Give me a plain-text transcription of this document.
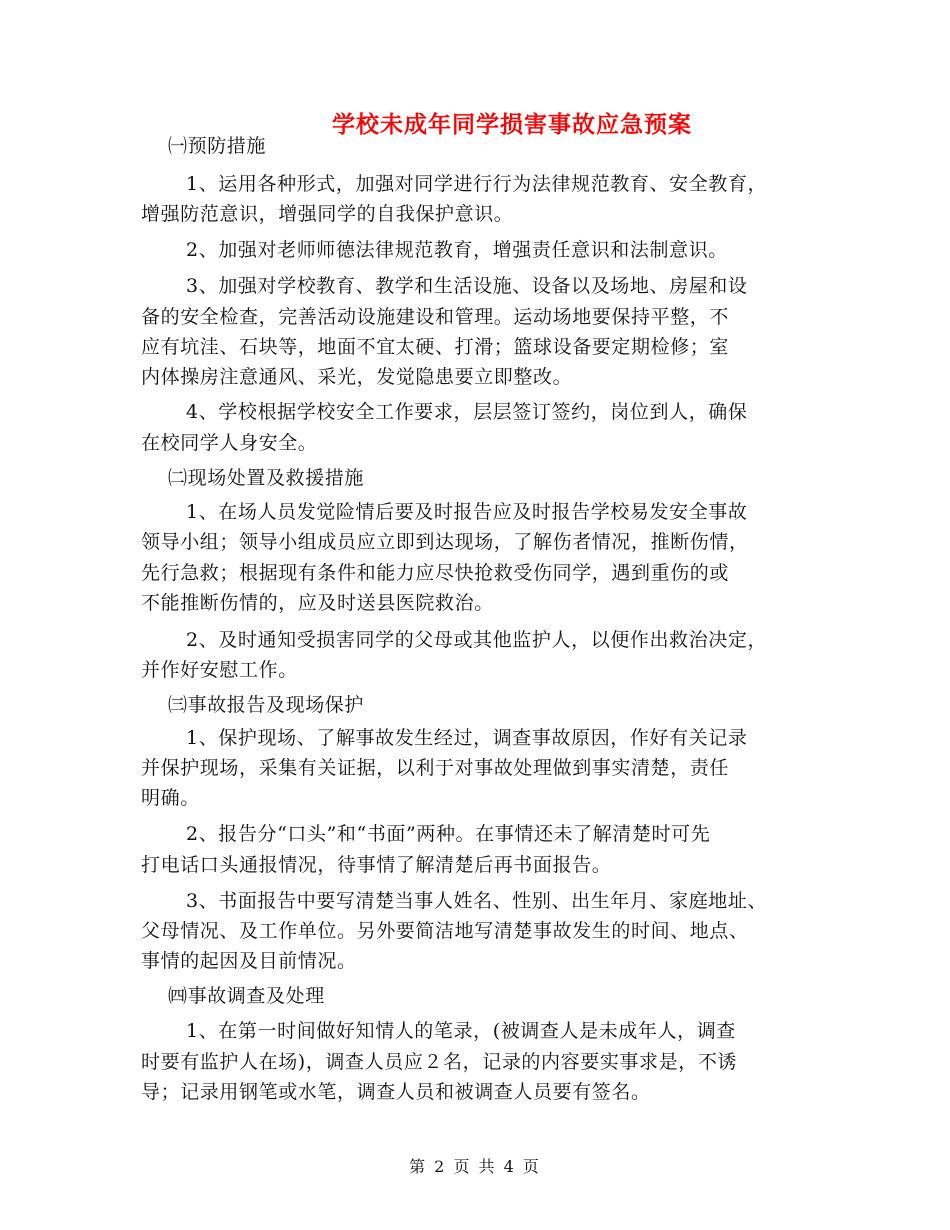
学校未成年同学损害事故应急预案

㈠预防措施

1、运用各种形式，加强对同学进行行为法律规范教育、安全教育，

增强防范意识，增强同学的自我保护意识。

2、加强对老师师德法律规范教育，增强责任意识和法制意识。

3、加强对学校教育、教学和生活设施、设备以及场地、房屋和设

备的安全检查，完善活动设施建设和管理。运动场地要保持平整，不

应有坑洼、石块等，地面不宜太硬、打滑；篮球设备要定期检修；室

内体操房注意通风、采光，发觉隐患要立即整改。

4、学校根据学校安全工作要求，层层签订签约，岗位到人，确保

在校同学人身安全。

㈡现场处置及救援措施

1、在场人员发觉险情后要及时报告应及时报告学校易发安全事故

领导小组；领导小组成员应立即到达现场，了解伤者情况，推断伤情，

先行急救；根据现有条件和能力应尽快抢救受伤同学，遇到重伤的或

不能推断伤情的，应及时送县医院救治。

2、及时通知受损害同学的父母或其他监护人，以便作出救治决定，

并作好安慰工作。

㈢事故报告及现场保护

1、保护现场、了解事故发生经过，调查事故原因，作好有关记录

并保护现场，采集有关证据，以利于对事故处理做到事实清楚，责任

明确。

2、报告分“口头”和“书面”两种。在事情还未了解清楚时可先

打电话口头通报情况，待事情了解清楚后再书面报告。

3、书面报告中要写清楚当事人姓名、性别、出生年月、家庭地址、

父母情况、及工作单位。另外要简洁地写清楚事故发生的时间、地点、

事情的起因及目前情况。

㈣事故调查及处理

1、在第一时间做好知情人的笔录，(被调查人是未成年人，调查

时要有监护人在场)，调查人员应２名，记录的内容要实事求是，不诱

导；记录用钢笔或水笔，调查人员和被调查人员要有签名。

第 2 页 共 4 页
